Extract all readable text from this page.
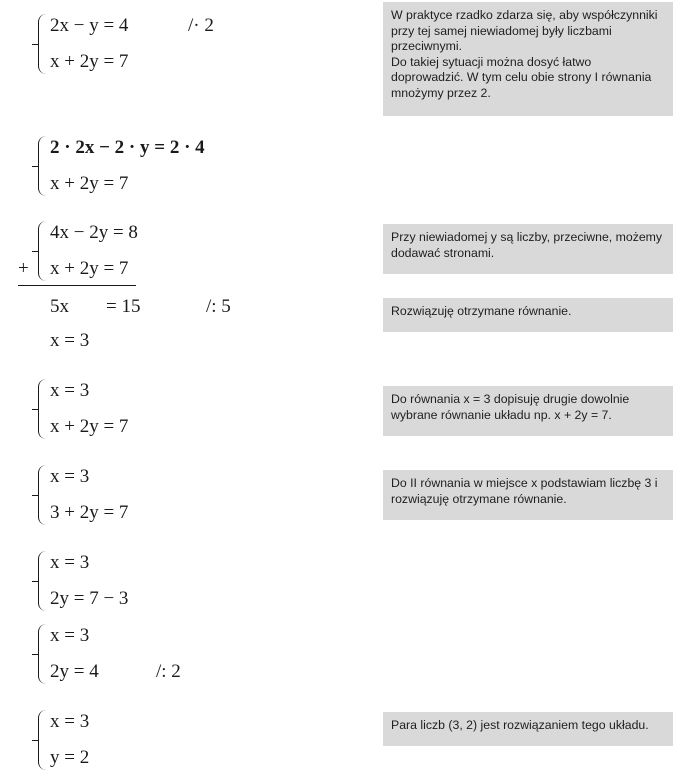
2x − y = 4
x + 2y = 7
/· 2
2 · 2x − 2 · y = 2 · 4
x + 2y = 7
+
4x − 2y = 8
x + 2y = 7
5x = 15	/: 5
x = 3
x = 3
x + 2y = 7
x = 3
3 + 2y = 7
x = 3
2y = 7 − 3
x = 3
2y = 4	/: 2
x = 3
y = 2

W praktyce rzadko zdarza się, aby współczynniki przy tej samej niewiadomej były liczbami przeciwnymi.

Do takiej sytuacji można dosyć łatwo doprowadzić. W tym celu obie strony I równania mnożymy przez 2.

Przy niewiadomej y są liczby, przeciwne, możemy dodawać stronami.

Rozwiązuję otrzymane równanie.

Do równania x = 3 dopisuję drugie dowolnie wybrane równanie układu np. x + 2y = 7.

Do II równania w miejsce x podstawiam liczbę 3 i rozwiązuję otrzymane równanie.

Para liczb (3, 2) jest rozwiązaniem tego układu.
